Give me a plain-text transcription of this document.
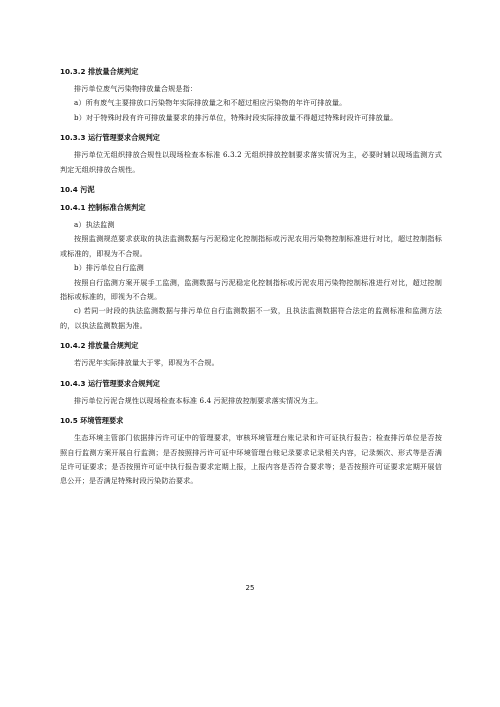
10.3.2 排放量合规判定

排污单位废气污染物排放量合规是指：

a）所有废气主要排放口污染物年实际排放量之和不超过相应污染物的年许可排放量。

b）对于特殊时段有许可排放量要求的排污单位，特殊时段实际排放量不得超过特殊时段许可排放量。

10.3.3 运行管理要求合规判定

排污单位无组织排放合规性以现场检查本标准 6.3.2 无组织排放控制要求落实情况为主，必要时辅以现场监测方式判定无组织排放合规性。

10.4 污泥

10.4.1 控制标准合规判定

a）执法监测

按照监测规范要求获取的执法监测数据与污泥稳定化控制指标或污泥农用污染物控制标准进行对比，超过控制指标或标准的，即视为不合规。

b）排污单位自行监测

按照自行监测方案开展手工监测，监测数据与污泥稳定化控制指标或污泥农用污染物控制标准进行对比，超过控制指标或标准的，即视为不合规。

c) 若同一时段的执法监测数据与排污单位自行监测数据不一致，且执法监测数据符合法定的监测标准和监测方法的，以执法监测数据为准。

10.4.2 排放量合规判定

若污泥年实际排放量大于零，即视为不合规。

10.4.3 运行管理要求合规判定

排污单位污泥合规性以现场检查本标准 6.4 污泥排放控制要求落实情况为主。

10.5 环境管理要求

生态环境主管部门依据排污许可证中的管理要求，审核环境管理台账记录和许可证执行报告；检查排污单位是否按照自行监测方案开展自行监测；是否按照排污许可证中环境管理台账记录要求记录相关内容，记录频次、形式等是否满足许可证要求；是否按照许可证中执行报告要求定期上报，上报内容是否符合要求等；是否按照许可证要求定期开展信息公开；是否满足特殊时段污染防治要求。

25
